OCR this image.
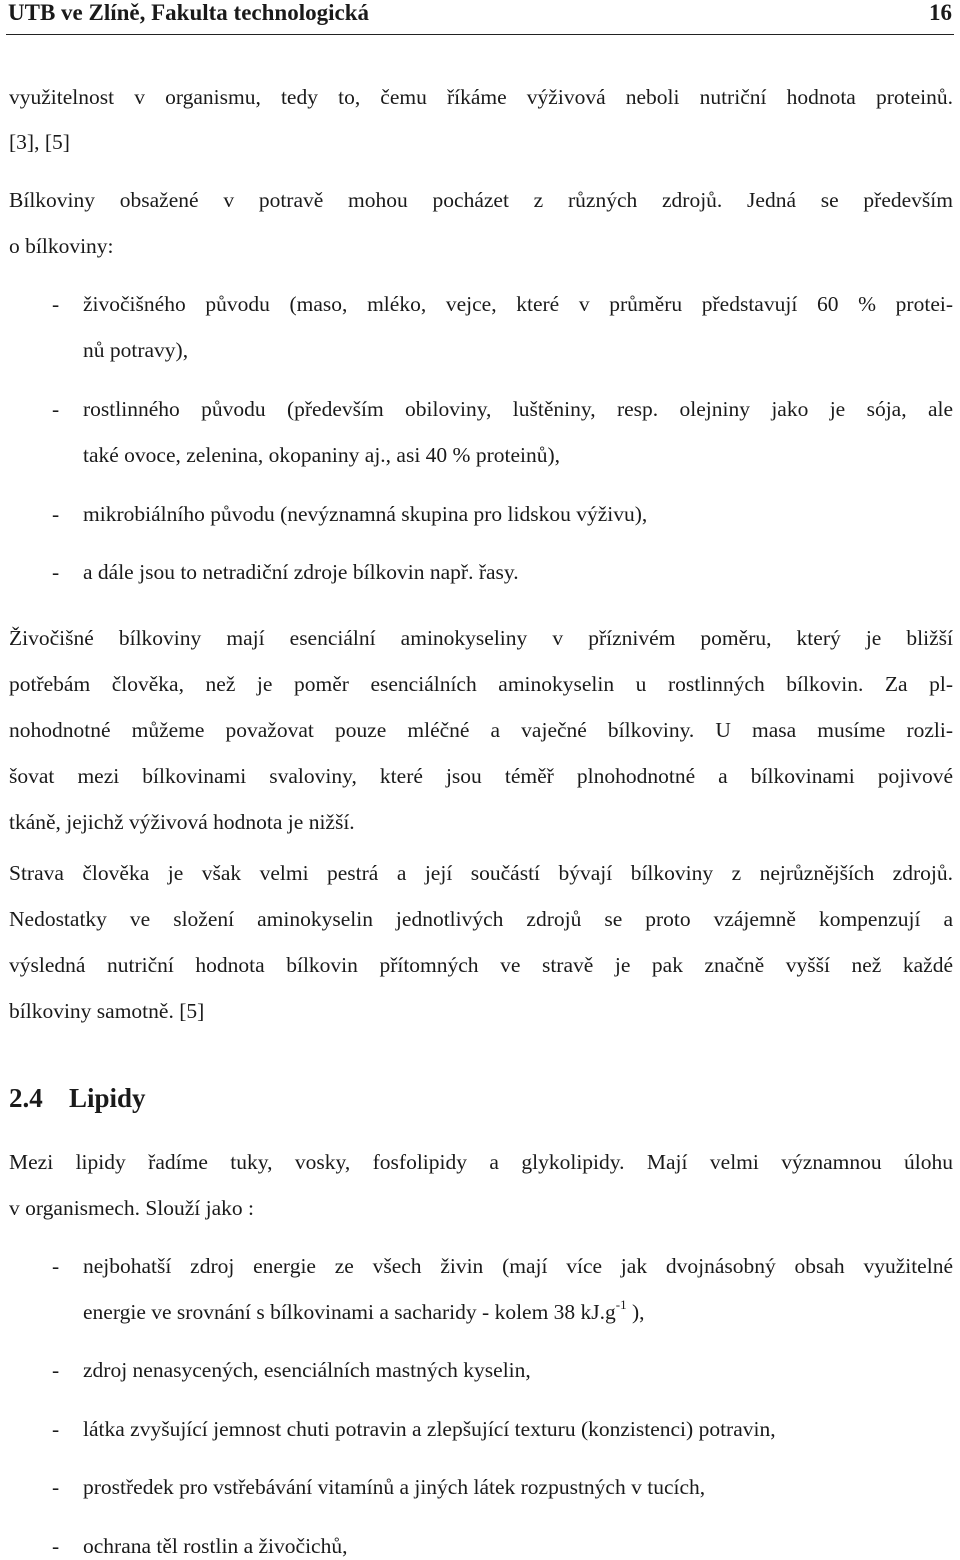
UTB ve Zlíně, Fakulta technologická	16
využitelnost v organismu, tedy to, čemu říkáme výživová neboli nutriční hodnota proteinů.
[3], [5]
Bílkoviny obsažené v potravě mohou pocházet z různých zdrojů. Jedná se především
o bílkoviny:
- živočišného původu (maso, mléko, vejce, které v průměru představují 60 % protei-
nů potravy),
- rostlinného původu (především obiloviny, luštěniny, resp. olejniny jako je sója, ale
také ovoce, zelenina, okopaniny aj., asi 40 % proteinů),
- mikrobiálního původu (nevýznamná skupina pro lidskou výživu),
- a dále jsou to netradiční zdroje bílkovin např. řasy.
Živočišné bílkoviny mají esenciální aminokyseliny v příznivém poměru, který je bližší
potřebám člověka, než je poměr esenciálních aminokyselin u rostlinných bílkovin. Za pl-
nohodnotné můžeme považovat pouze mléčné a vaječné bílkoviny. U masa musíme rozli-
šovat mezi bílkovinami svaloviny, které jsou téměř plnohodnotné a bílkovinami pojivové
tkáně, jejichž výživová hodnota je nižší.
Strava člověka je však velmi pestrá a její součástí bývají bílkoviny z nejrůznějších zdrojů.
Nedostatky ve složení aminokyselin jednotlivých zdrojů se proto vzájemně kompenzují a
výsledná nutriční hodnota bílkovin přítomných ve stravě je pak značně vyšší než každé
bílkoviny samotně. [5]
2.4 Lipidy
Mezi lipidy řadíme tuky, vosky, fosfolipidy a glykolipidy. Mají velmi významnou úlohu
v organismech. Slouží jako :
- nejbohatší zdroj energie ze všech živin (mají více jak dvojnásobný obsah využitelné
energie ve srovnání s bílkovinami a sacharidy - kolem 38 $kJ.g^{-1}$ ),
- zdroj nenasycených, esenciálních mastných kyselin,
- látka zvyšující jemnost chuti potravin a zlepšující texturu (konzistenci) potravin,
- prostředek pro vstřebávání vitamínů a jiných látek rozpustných v tucích,
- ochrana těl rostlin a živočichů,
